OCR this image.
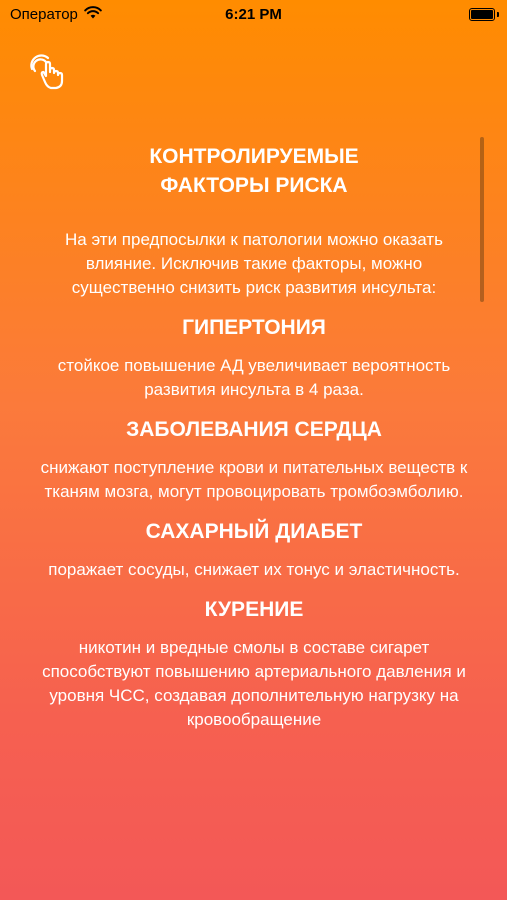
Оператор	6:21 PM
КОНТРОЛИРУЕМЫЕ
ФАКТОРЫ РИСКА

На эти предпосылки к патологии можно оказать влияние. Исключив такие факторы, можно существенно снизить риск развития инсульта:

ГИПЕРТОНИЯ

стойкое повышение АД увеличивает вероятность развития инсульта в 4 раза.

ЗАБОЛЕВАНИЯ СЕРДЦА

снижают поступление крови и питательных веществ к тканям мозга, могут провоцировать тромбоэмболию.

САХАРНЫЙ ДИАБЕТ

поражает сосуды, снижает их тонус и эластичность.

КУРЕНИЕ

никотин и вредные смолы в составе сигарет способствуют повышению артериального давления и уровня ЧСС, создавая дополнительную нагрузку на кровообращение
